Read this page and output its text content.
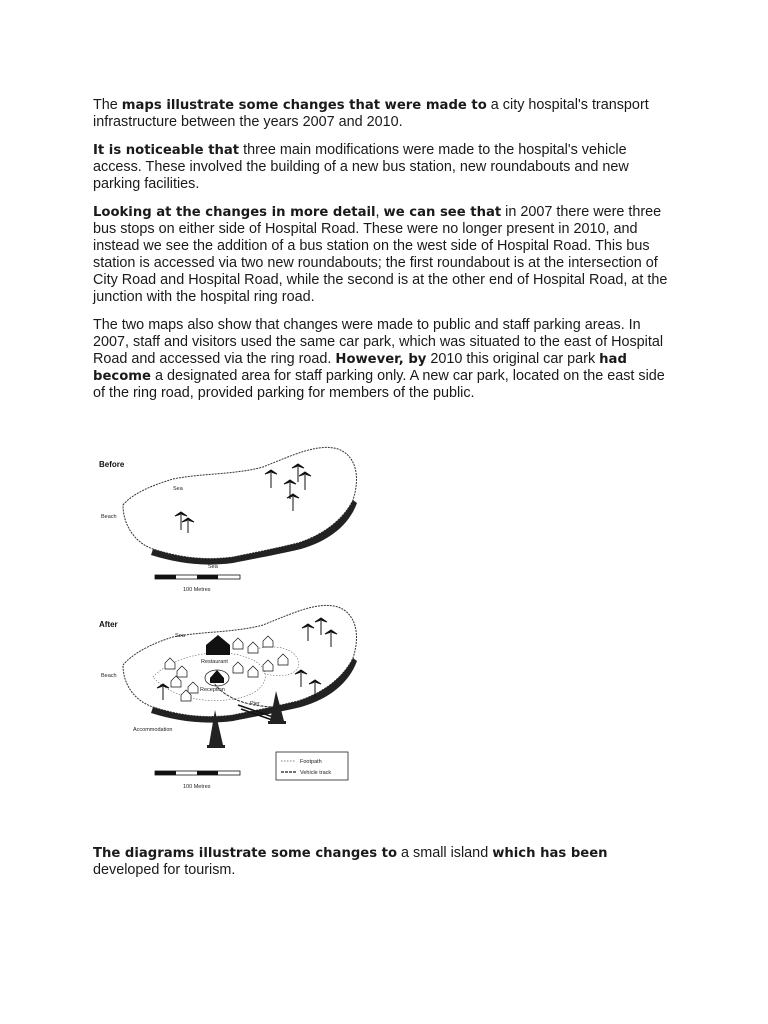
The maps illustrate some changes that were made to a city hospital's transport infrastructure between the years 2007 and 2010.

It is noticeable that three main modifications were made to the hospital's vehicle access. These involved the building of a new bus station, new roundabouts and new parking facilities.

Looking at the changes in more detail, we can see that in 2007 there were three bus stops on either side of Hospital Road. These were no longer present in 2010, and instead we see the addition of a bus station on the west side of Hospital Road. This bus station is accessed via two new roundabouts; the first roundabout is at the intersection of City Road and Hospital Road, while the second is at the other end of Hospital Road, at the junction with the hospital ring road.

The two maps also show that changes were made to public and staff parking areas. In 2007, staff and visitors used the same car park, which was situated to the east of Hospital Road and accessed via the ring road. However, by 2010 this original car park had become a designated area for staff parking only. A new car park, located on the east side of the ring road, provided parking for members of the public.

Before
Sea
Sea
Beach
100 Metres
After
Sea
Beach
Restaurant
Reception
Pier
Accommodation
100 Metres
Footpath
Vehicle track

The diagrams illustrate some changes to a small island which has been developed for tourism.
